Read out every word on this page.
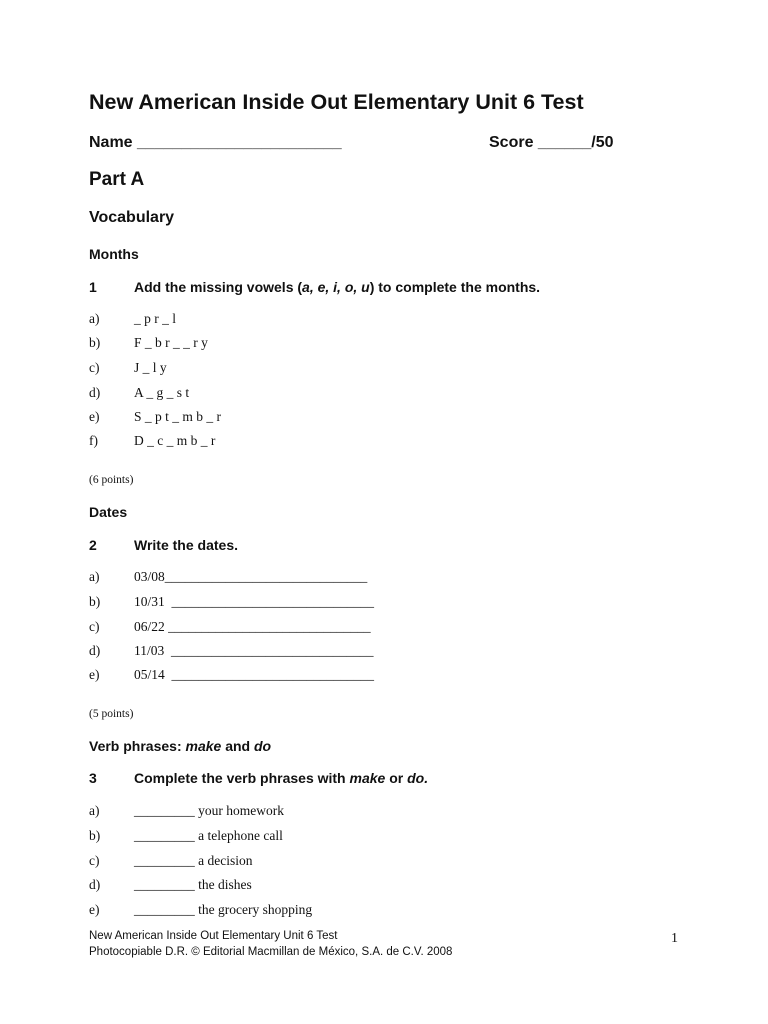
New American Inside Out Elementary Unit 6 Test
Name _______________________	Score ______/50
Part A
Vocabulary
Months
1	Add the missing vowels (a, e, i, o, u) to complete the months.
a)	_ p r _ l
b)	F _ b r _ _ r y
c)	J _ l y
d)	A _ g _ s t
e)	S _ p t _ m b _ r
f)	D _ c _ m b _ r
(6 points)
Dates
2	Write the dates.
a)	03/08______________________________
b)	10/31  ______________________________
c)	06/22 ______________________________
d)	11/03  ______________________________
e)	05/14  ______________________________
(5 points)
Verb phrases: make and do
3	Complete the verb phrases with make or do.
a)	_________ your homework
b)	_________ a telephone call
c)	_________ a decision
d)	_________ the dishes
e)	_________ the grocery shopping
New American Inside Out Elementary Unit 6 Test
Photocopiable D.R. © Editorial Macmillan de México, S.A. de C.V. 2008
1
